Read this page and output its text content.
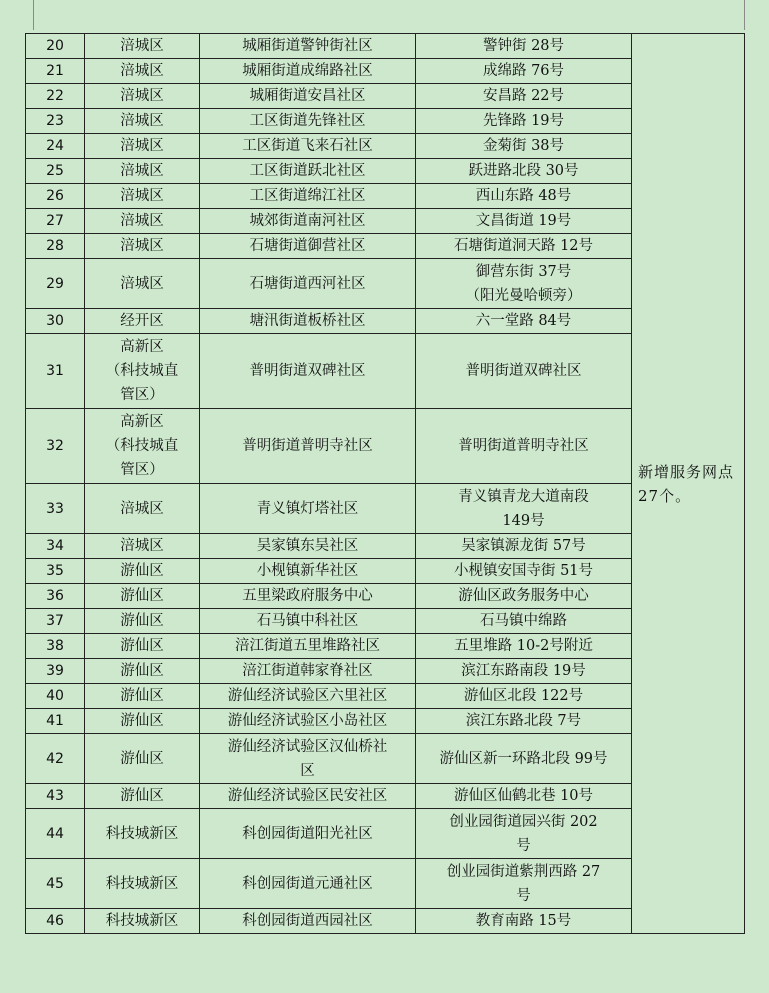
20	涪城区	城厢街道警钟街社区	警钟街 28号	新增服务网点 27个。
21	涪城区	城厢街道成绵路社区	成绵路 76号	
22	涪城区	城厢街道安昌社区	安昌路 22号	
23	涪城区	工区街道先锋社区	先锋路 19号	
24	涪城区	工区街道飞来石社区	金菊街 38号	
25	涪城区	工区街道跃北社区	跃进路北段 30号	
26	涪城区	工区街道绵江社区	西山东路 48号	
27	涪城区	城郊街道南河社区	文昌街道 19号	
28	涪城区	石塘街道御营社区	石塘街道洞天路 12号	
29	涪城区	石塘街道西河社区	御营东街 37号
（阳光曼哈顿旁）	
30	经开区	塘汛街道板桥社区	六一堂路 84号	
31	高新区
（科技城直
管区）	普明街道双碑社区	普明街道双碑社区	
32	高新区
（科技城直
管区）	普明街道普明寺社区	普明街道普明寺社区	
33	涪城区	青义镇灯塔社区	青义镇青龙大道南段
149号	
34	涪城区	吴家镇东吴社区	吴家镇源龙街 57号	
35	游仙区	小枧镇新华社区	小枧镇安国寺街 51号	
36	游仙区	五里梁政府服务中心	游仙区政务服务中心	
37	游仙区	石马镇中科社区	石马镇中绵路	
38	游仙区	涪江街道五里堆路社区	五里堆路 10-2号附近	
39	游仙区	涪江街道韩家脊社区	滨江东路南段 19号	
40	游仙区	游仙经济试验区六里社区	游仙区北段 122号	
41	游仙区	游仙经济试验区小岛社区	滨江东路北段 7号	
42	游仙区	游仙经济试验区汉仙桥社
区	游仙区新一环路北段 99号	
43	游仙区	游仙经济试验区民安社区	游仙区仙鹤北巷 10号	
44	科技城新区	科创园街道阳光社区	创业园街道园兴街 202
号	
45	科技城新区	科创园街道元通社区	创业园街道紫荆西路 27
号	
46	科技城新区	科创园街道西园社区	教育南路 15号	
